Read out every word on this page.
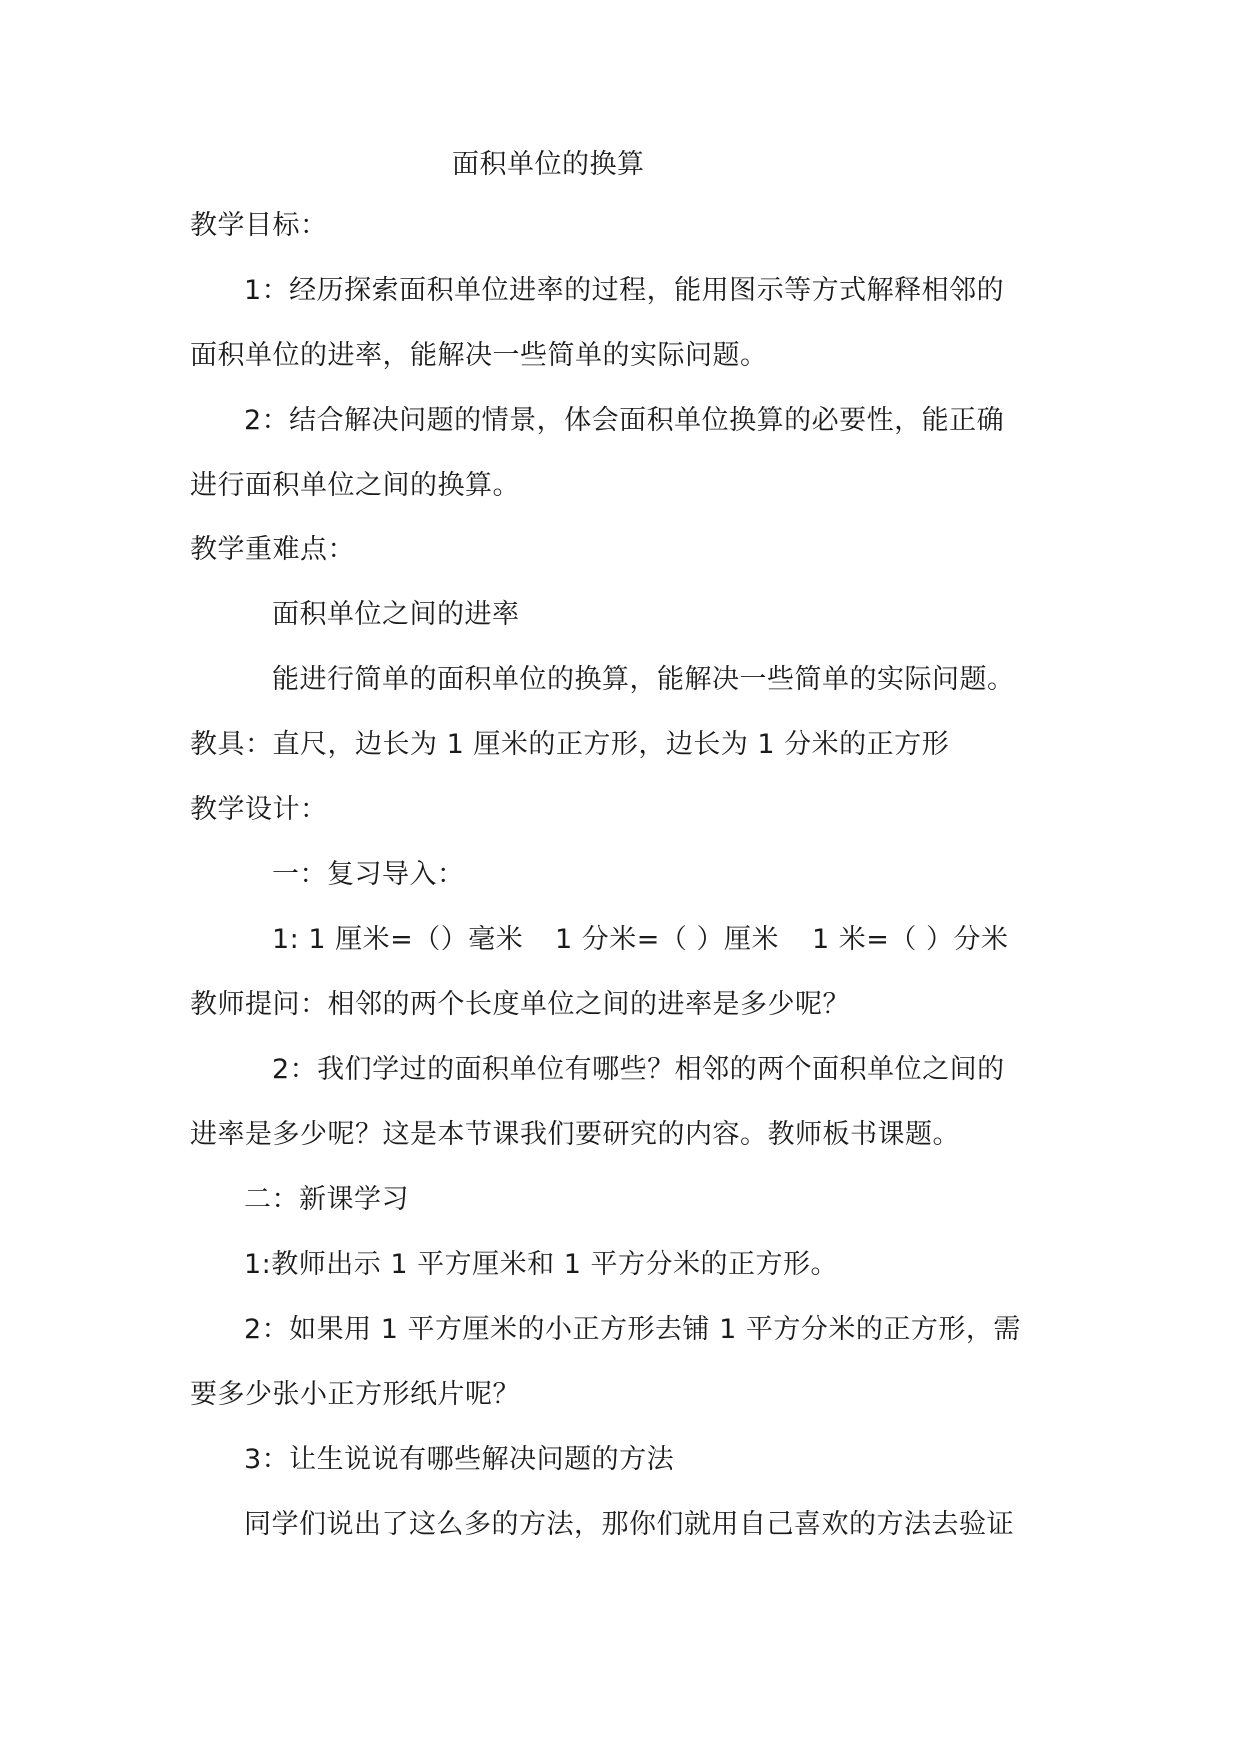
面积单位的换算
教学目标：
1：经历探索面积单位进率的过程，能用图示等方式解释相邻的
面积单位的进率，能解决一些简单的实际问题。
2：结合解决问题的情景，体会面积单位换算的必要性，能正确
进行面积单位之间的换算。
教学重难点：
面积单位之间的进率
能进行简单的面积单位的换算，能解决一些简单的实际问题。
教具：直尺，边长为 1 厘米的正方形，边长为 1 分米的正方形
教学设计：
一：复习导入：
1: 1 厘米=（）毫米 1 分米=（ ）厘米 1 米=（ ）分米
教师提问：相邻的两个长度单位之间的进率是多少呢？
2：我们学过的面积单位有哪些？相邻的两个面积单位之间的
进率是多少呢？这是本节课我们要研究的内容。教师板书课题。
二：新课学习
1:教师出示 1 平方厘米和 1 平方分米的正方形。
2：如果用 1 平方厘米的小正方形去铺 1 平方分米的正方形，需
要多少张小正方形纸片呢？
3：让生说说有哪些解决问题的方法
同学们说出了这么多的方法，那你们就用自己喜欢的方法去验证
